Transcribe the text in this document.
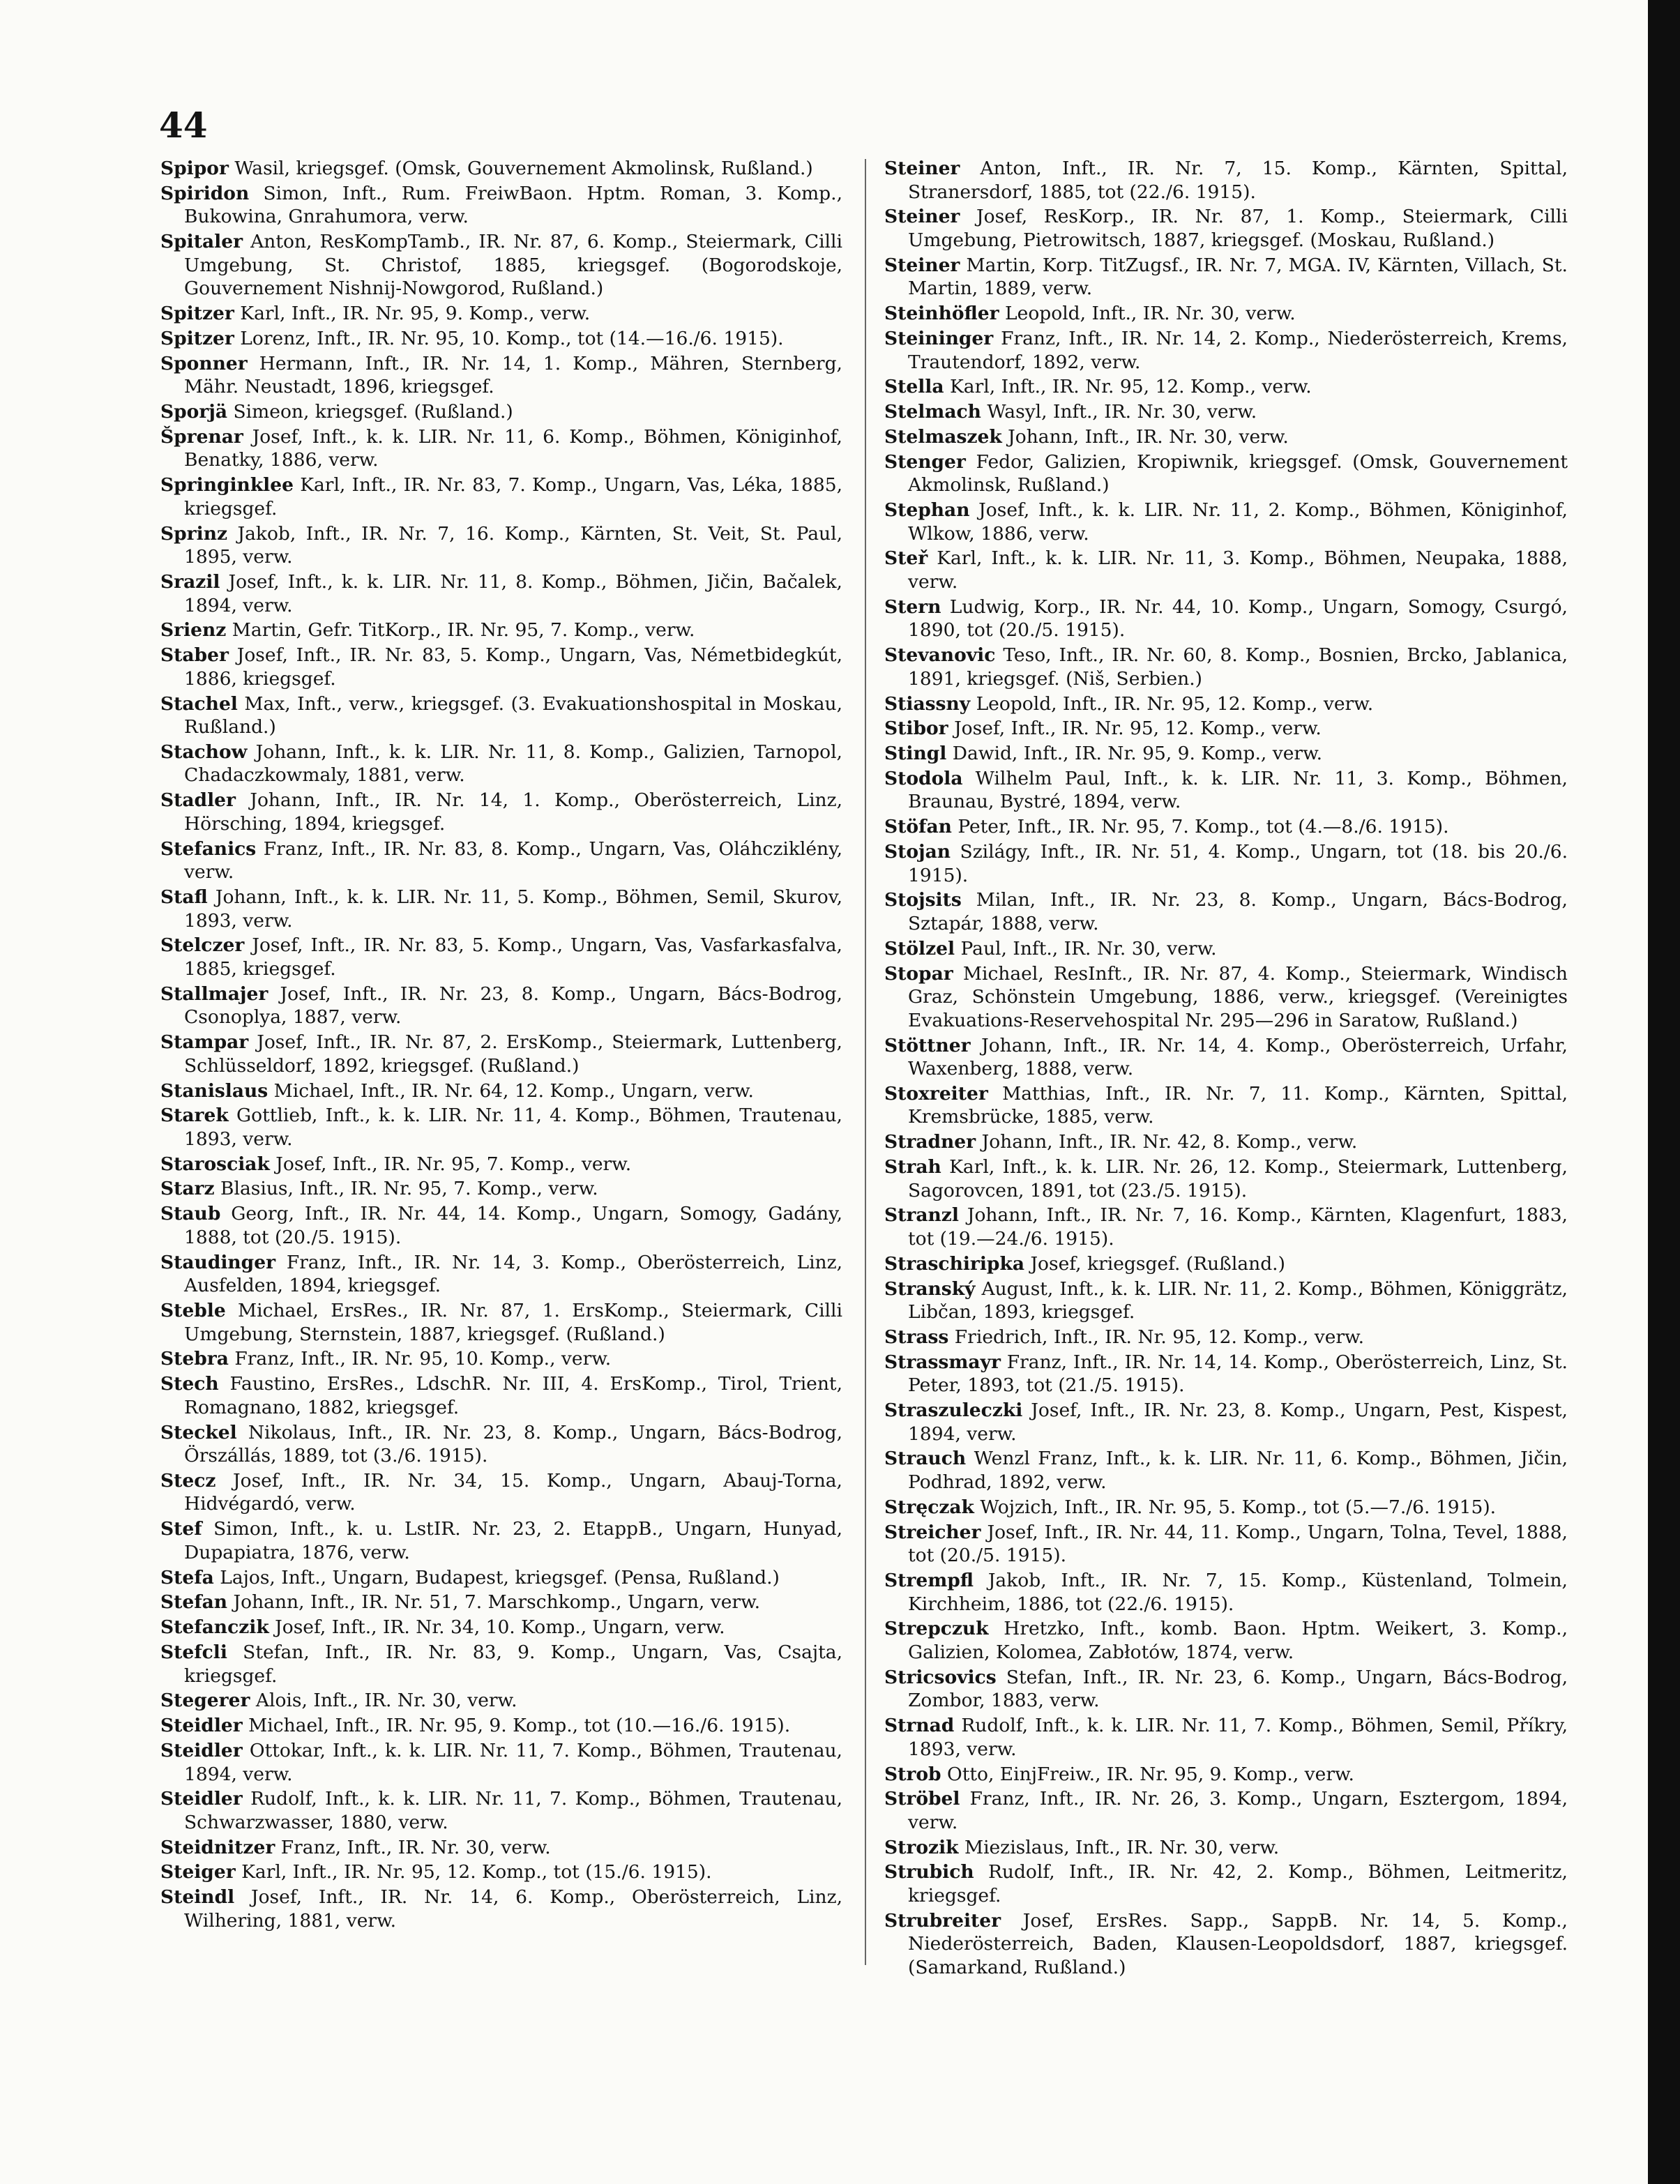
44

Spipor Wasil, kriegsgef. (Omsk, Gouvernement Akmolinsk, Rußland.)

Spiridon Simon, Inft., Rum. FreiwBaon. Hptm. Roman, 3. Komp., Bukowina, Gnrahumora, verw.

Spitaler Anton, ResKompTamb., IR. Nr. 87, 6. Komp., Steiermark, Cilli Umgebung, St. Christof, 1885, kriegsgef. (Bogorodskoje, Gouvernement Nishnij-Nowgorod, Rußland.)

Spitzer Karl, Inft., IR. Nr. 95, 9. Komp., verw.

Spitzer Lorenz, Inft., IR. Nr. 95, 10. Komp., tot (14.—16./6. 1915).

Sponner Hermann, Inft., IR. Nr. 14, 1. Komp., Mähren, Sternberg, Mähr. Neustadt, 1896, kriegsgef.

Sporjä Simeon, kriegsgef. (Rußland.)

Šprenar Josef, Inft., k. k. LIR. Nr. 11, 6. Komp., Böhmen, Königinhof, Benatky, 1886, verw.

Springinklee Karl, Inft., IR. Nr. 83, 7. Komp., Ungarn, Vas, Léka, 1885, kriegsgef.

Sprinz Jakob, Inft., IR. Nr. 7, 16. Komp., Kärnten, St. Veit, St. Paul, 1895, verw.

Srazil Josef, Inft., k. k. LIR. Nr. 11, 8. Komp., Böhmen, Jičin, Bačalek, 1894, verw.

Srienz Martin, Gefr. TitKorp., IR. Nr. 95, 7. Komp., verw.

Staber Josef, Inft., IR. Nr. 83, 5. Komp., Ungarn, Vas, Németbidegkút, 1886, kriegsgef.

Stachel Max, Inft., verw., kriegsgef. (3. Evakuationshospital in Moskau, Rußland.)

Stachow Johann, Inft., k. k. LIR. Nr. 11, 8. Komp., Galizien, Tarnopol, Chadaczkowmaly, 1881, verw.

Stadler Johann, Inft., IR. Nr. 14, 1. Komp., Oberösterreich, Linz, Hörsching, 1894, kriegsgef.

Stefanics Franz, Inft., IR. Nr. 83, 8. Komp., Ungarn, Vas, Oláhcziklény, verw.

Stafl Johann, Inft., k. k. LIR. Nr. 11, 5. Komp., Böhmen, Semil, Skurov, 1893, verw.

Stelczer Josef, Inft., IR. Nr. 83, 5. Komp., Ungarn, Vas, Vasfarkasfalva, 1885, kriegsgef.

Stallmajer Josef, Inft., IR. Nr. 23, 8. Komp., Ungarn, Bács-Bodrog, Csonoplya, 1887, verw.

Stampar Josef, Inft., IR. Nr. 87, 2. ErsKomp., Steiermark, Luttenberg, Schlüsseldorf, 1892, kriegsgef. (Rußland.)

Stanislaus Michael, Inft., IR. Nr. 64, 12. Komp., Ungarn, verw.

Starek Gottlieb, Inft., k. k. LIR. Nr. 11, 4. Komp., Böhmen, Trautenau, 1893, verw.

Starosciak Josef, Inft., IR. Nr. 95, 7. Komp., verw.

Starz Blasius, Inft., IR. Nr. 95, 7. Komp., verw.

Staub Georg, Inft., IR. Nr. 44, 14. Komp., Ungarn, Somogy, Gadány, 1888, tot (20./5. 1915).

Staudinger Franz, Inft., IR. Nr. 14, 3. Komp., Oberösterreich, Linz, Ausfelden, 1894, kriegsgef.

Steble Michael, ErsRes., IR. Nr. 87, 1. ErsKomp., Steiermark, Cilli Umgebung, Sternstein, 1887, kriegsgef. (Rußland.)

Stebra Franz, Inft., IR. Nr. 95, 10. Komp., verw.

Stech Faustino, ErsRes., LdschR. Nr. III, 4. ErsKomp., Tirol, Trient, Romagnano, 1882, kriegsgef.

Steckel Nikolaus, Inft., IR. Nr. 23, 8. Komp., Ungarn, Bács-Bodrog, Örszállás, 1889, tot (3./6. 1915).

Stecz Josef, Inft., IR. Nr. 34, 15. Komp., Ungarn, Abauj-Torna, Hidvégardó, verw.

Stef Simon, Inft., k. u. LstIR. Nr. 23, 2. EtappB., Ungarn, Hunyad, Dupapiatra, 1876, verw.

Stefa Lajos, Inft., Ungarn, Budapest, kriegsgef. (Pensa, Rußland.)

Stefan Johann, Inft., IR. Nr. 51, 7. Marschkomp., Ungarn, verw.

Stefanczik Josef, Inft., IR. Nr. 34, 10. Komp., Ungarn, verw.

Stefcli Stefan, Inft., IR. Nr. 83, 9. Komp., Ungarn, Vas, Csajta, kriegsgef.

Stegerer Alois, Inft., IR. Nr. 30, verw.

Steidler Michael, Inft., IR. Nr. 95, 9. Komp., tot (10.—16./6. 1915).

Steidler Ottokar, Inft., k. k. LIR. Nr. 11, 7. Komp., Böhmen, Trautenau, 1894, verw.

Steidler Rudolf, Inft., k. k. LIR. Nr. 11, 7. Komp., Böhmen, Trautenau, Schwarzwasser, 1880, verw.

Steidnitzer Franz, Inft., IR. Nr. 30, verw.

Steiger Karl, Inft., IR. Nr. 95, 12. Komp., tot (15./6. 1915).

Steindl Josef, Inft., IR. Nr. 14, 6. Komp., Oberösterreich, Linz, Wilhering, 1881, verw.

Steiner Anton, Inft., IR. Nr. 7, 15. Komp., Kärnten, Spittal, Stranersdorf, 1885, tot (22./6. 1915).

Steiner Josef, ResKorp., IR. Nr. 87, 1. Komp., Steiermark, Cilli Umgebung, Pietrowitsch, 1887, kriegsgef. (Moskau, Rußland.)

Steiner Martin, Korp. TitZugsf., IR. Nr. 7, MGA. IV, Kärnten, Villach, St. Martin, 1889, verw.

Steinhöfler Leopold, Inft., IR. Nr. 30, verw.

Steininger Franz, Inft., IR. Nr. 14, 2. Komp., Niederösterreich, Krems, Trautendorf, 1892, verw.

Stella Karl, Inft., IR. Nr. 95, 12. Komp., verw.

Stelmach Wasyl, Inft., IR. Nr. 30, verw.

Stelmaszek Johann, Inft., IR. Nr. 30, verw.

Stenger Fedor, Galizien, Kropiwnik, kriegsgef. (Omsk, Gouvernement Akmolinsk, Rußland.)

Stephan Josef, Inft., k. k. LIR. Nr. 11, 2. Komp., Böhmen, Königinhof, Wlkow, 1886, verw.

Steř Karl, Inft., k. k. LIR. Nr. 11, 3. Komp., Böhmen, Neupaka, 1888, verw.

Stern Ludwig, Korp., IR. Nr. 44, 10. Komp., Ungarn, Somogy, Csurgó, 1890, tot (20./5. 1915).

Stevanovic Teso, Inft., IR. Nr. 60, 8. Komp., Bosnien, Brcko, Jablanica, 1891, kriegsgef. (Niš, Serbien.)

Stiassny Leopold, Inft., IR. Nr. 95, 12. Komp., verw.

Stibor Josef, Inft., IR. Nr. 95, 12. Komp., verw.

Stingl Dawid, Inft., IR. Nr. 95, 9. Komp., verw.

Stodola Wilhelm Paul, Inft., k. k. LIR. Nr. 11, 3. Komp., Böhmen, Braunau, Bystré, 1894, verw.

Stöfan Peter, Inft., IR. Nr. 95, 7. Komp., tot (4.—8./6. 1915).

Stojan Szilágy, Inft., IR. Nr. 51, 4. Komp., Ungarn, tot (18. bis 20./6. 1915).

Stojsits Milan, Inft., IR. Nr. 23, 8. Komp., Ungarn, Bács-Bodrog, Sztapár, 1888, verw.

Stölzel Paul, Inft., IR. Nr. 30, verw.

Stopar Michael, ResInft., IR. Nr. 87, 4. Komp., Steiermark, Windisch Graz, Schönstein Umgebung, 1886, verw., kriegsgef. (Vereinigtes Evakuations-Reservehospital Nr. 295—296 in Saratow, Rußland.)

Stöttner Johann, Inft., IR. Nr. 14, 4. Komp., Oberösterreich, Urfahr, Waxenberg, 1888, verw.

Stoxreiter Matthias, Inft., IR. Nr. 7, 11. Komp., Kärnten, Spittal, Kremsbrücke, 1885, verw.

Stradner Johann, Inft., IR. Nr. 42, 8. Komp., verw.

Strah Karl, Inft., k. k. LIR. Nr. 26, 12. Komp., Steiermark, Luttenberg, Sagorovcen, 1891, tot (23./5. 1915).

Stranzl Johann, Inft., IR. Nr. 7, 16. Komp., Kärnten, Klagenfurt, 1883, tot (19.—24./6. 1915).

Straschiripka Josef, kriegsgef. (Rußland.)

Stranský August, Inft., k. k. LIR. Nr. 11, 2. Komp., Böhmen, Königgrätz, Libčan, 1893, kriegsgef.

Strass Friedrich, Inft., IR. Nr. 95, 12. Komp., verw.

Strassmayr Franz, Inft., IR. Nr. 14, 14. Komp., Oberösterreich, Linz, St. Peter, 1893, tot (21./5. 1915).

Straszuleczki Josef, Inft., IR. Nr. 23, 8. Komp., Ungarn, Pest, Kispest, 1894, verw.

Strauch Wenzl Franz, Inft., k. k. LIR. Nr. 11, 6. Komp., Böhmen, Jičin, Podhrad, 1892, verw.

Stręczak Wojzich, Inft., IR. Nr. 95, 5. Komp., tot (5.—7./6. 1915).

Streicher Josef, Inft., IR. Nr. 44, 11. Komp., Ungarn, Tolna, Tevel, 1888, tot (20./5. 1915).

Strempfl Jakob, Inft., IR. Nr. 7, 15. Komp., Küstenland, Tolmein, Kirchheim, 1886, tot (22./6. 1915).

Strepczuk Hretzko, Inft., komb. Baon. Hptm. Weikert, 3. Komp., Galizien, Kolomea, Zabłotów, 1874, verw.

Stricsovics Stefan, Inft., IR. Nr. 23, 6. Komp., Ungarn, Bács-Bodrog, Zombor, 1883, verw.

Strnad Rudolf, Inft., k. k. LIR. Nr. 11, 7. Komp., Böhmen, Semil, Příkry, 1893, verw.

Strob Otto, EinjFreiw., IR. Nr. 95, 9. Komp., verw.

Ströbel Franz, Inft., IR. Nr. 26, 3. Komp., Ungarn, Esztergom, 1894, verw.

Strozik Miezislaus, Inft., IR. Nr. 30, verw.

Strubich Rudolf, Inft., IR. Nr. 42, 2. Komp., Böhmen, Leitmeritz, kriegsgef.

Strubreiter Josef, ErsRes. Sapp., SappB. Nr. 14, 5. Komp., Niederösterreich, Baden, Klausen-Leopoldsdorf, 1887, kriegsgef. (Samarkand, Rußland.)
